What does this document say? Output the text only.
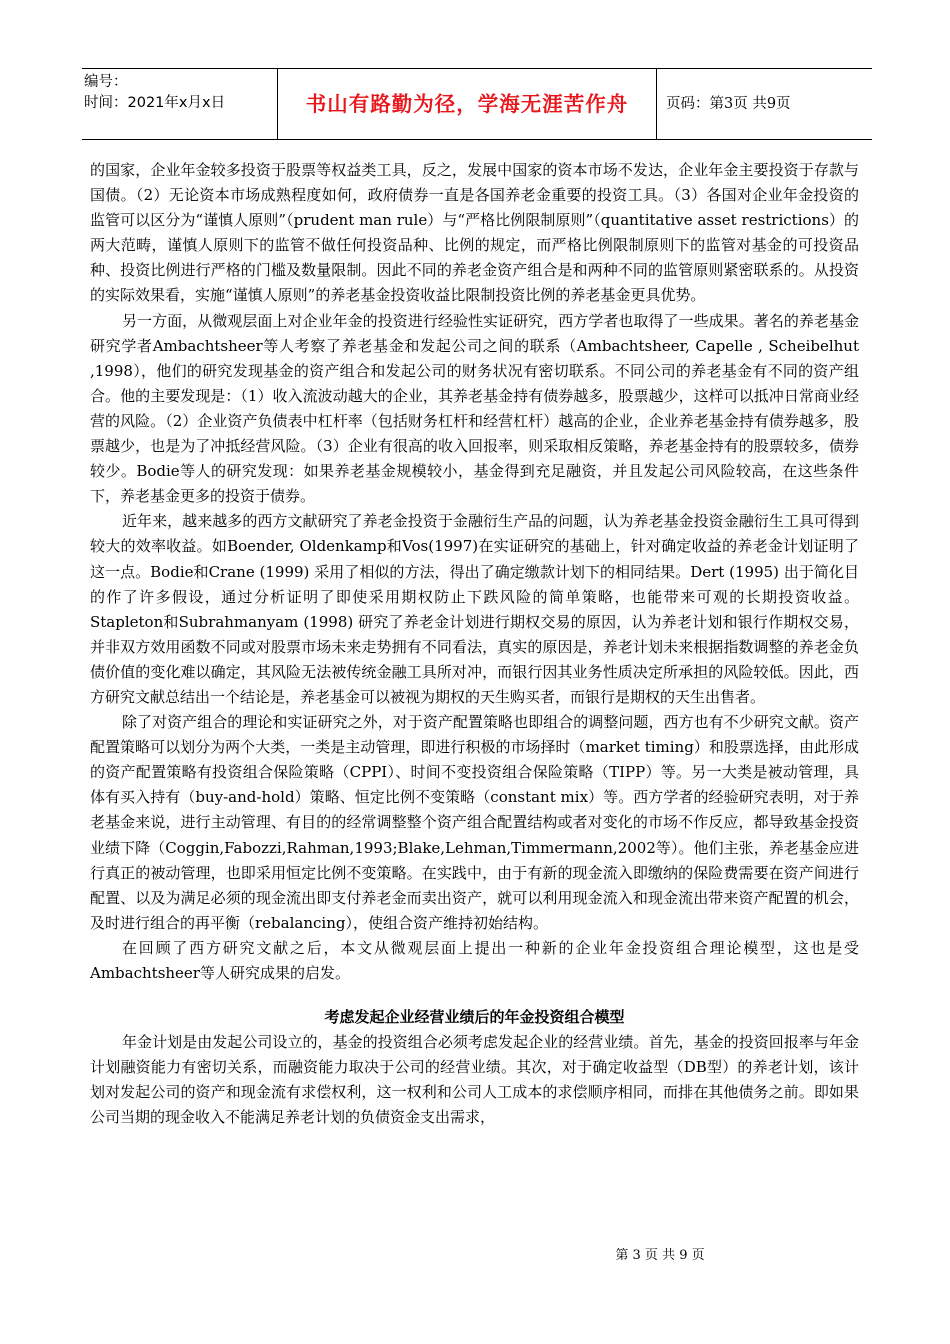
编号：
时间：2021年x月x日	书山有路勤为径，学海无涯苦作舟	页码：第3页 共9页

的国家，企业年金较多投资于股票等权益类工具，反之，发展中国家的资本市场不发达，企业年金主要投资于存款与国债。（2）无论资本市场成熟程度如何，政府债券一直是各国养老金重要的投资工具。（3）各国对企业年金投资的监管可以区分为“谨慎人原则”（prudent man rule）与“严格比例限制原则”（quantitative asset restrictions）的两大范畴，谨慎人原则下的监管不做任何投资品种、比例的规定，而严格比例限制原则下的监管对基金的可投资品种、投资比例进行严格的门槛及数量限制。因此不同的养老金资产组合是和两种不同的监管原则紧密联系的。从投资的实际效果看，实施“谨慎人原则”的养老基金投资收益比限制投资比例的养老基金更具优势。

另一方面，从微观层面上对企业年金的投资进行经验性实证研究，西方学者也取得了一些成果。著名的养老基金研究学者Ambachtsheer等人考察了养老基金和发起公司之间的联系（Ambachtsheer, Capelle , Scheibelhut ,1998），他们的研究发现基金的资产组合和发起公司的财务状况有密切联系。不同公司的养老基金有不同的资产组合。他的主要发现是：（1）收入流波动越大的企业，其养老基金持有债券越多，股票越少，这样可以抵冲日常商业经营的风险。（2）企业资产负债表中杠杆率（包括财务杠杆和经营杠杆）越高的企业，企业养老基金持有债券越多，股票越少，也是为了冲抵经营风险。（3）企业有很高的收入回报率，则采取相反策略，养老基金持有的股票较多，债券较少。Bodie等人的研究发现：如果养老基金规模较小，基金得到充足融资，并且发起公司风险较高，在这些条件下，养老基金更多的投资于债券。

近年来，越来越多的西方文献研究了养老金投资于金融衍生产品的问题，认为养老基金投资金融衍生工具可得到较大的效率收益。如Boender, Oldenkamp和Vos(1997)在实证研究的基础上，针对确定收益的养老金计划证明了这一点。Bodie和Crane (1999) 采用了相似的方法，得出了确定缴款计划下的相同结果。Dert (1995) 出于简化目的作了许多假设，通过分析证明了即使采用期权防止下跌风险的简单策略，也能带来可观的长期投资收益。Stapleton和Subrahmanyam (1998) 研究了养老金计划进行期权交易的原因，认为养老计划和银行作期权交易，并非双方效用函数不同或对股票市场未来走势拥有不同看法，真实的原因是，养老计划未来根据指数调整的养老金负债价值的变化难以确定，其风险无法被传统金融工具所对冲，而银行因其业务性质决定所承担的风险较低。因此，西方研究文献总结出一个结论是，养老基金可以被视为期权的天生购买者，而银行是期权的天生出售者。

除了对资产组合的理论和实证研究之外，对于资产配置策略也即组合的调整问题，西方也有不少研究文献。资产配置策略可以划分为两个大类，一类是主动管理，即进行积极的市场择时（market timing）和股票选择，由此形成的资产配置策略有投资组合保险策略（CPPI）、时间不变投资组合保险策略（TIPP）等。另一大类是被动管理，具体有买入持有（buy-and-hold）策略、恒定比例不变策略（constant mix）等。西方学者的经验研究表明，对于养老基金来说，进行主动管理、有目的的经常调整整个资产组合配置结构或者对变化的市场不作反应，都导致基金投资业绩下降（Coggin,Fabozzi,Rahman,1993;Blake,Lehman,Timmermann,2002等）。他们主张，养老基金应进行真正的被动管理，也即采用恒定比例不变策略。在实践中，由于有新的现金流入即缴纳的保险费需要在资产间进行配置、以及为满足必须的现金流出即支付养老金而卖出资产，就可以利用现金流入和现金流出带来资产配置的机会，及时进行组合的再平衡（rebalancing），使组合资产维持初始结构。

在回顾了西方研究文献之后，本文从微观层面上提出一种新的企业年金投资组合理论模型，这也是受Ambachtsheer等人研究成果的启发。

考虑发起企业经营业绩后的年金投资组合模型

年金计划是由发起公司设立的，基金的投资组合必须考虑发起企业的经营业绩。首先，基金的投资回报率与年金计划融资能力有密切关系，而融资能力取决于公司的经营业绩。其次，对于确定收益型（DB型）的养老计划，该计划对发起公司的资产和现金流有求偿权利，这一权利和公司人工成本的求偿顺序相同，而排在其他债务之前。即如果公司当期的现金收入不能满足养老计划的负债资金支出需求，

第 3 页 共 9 页
